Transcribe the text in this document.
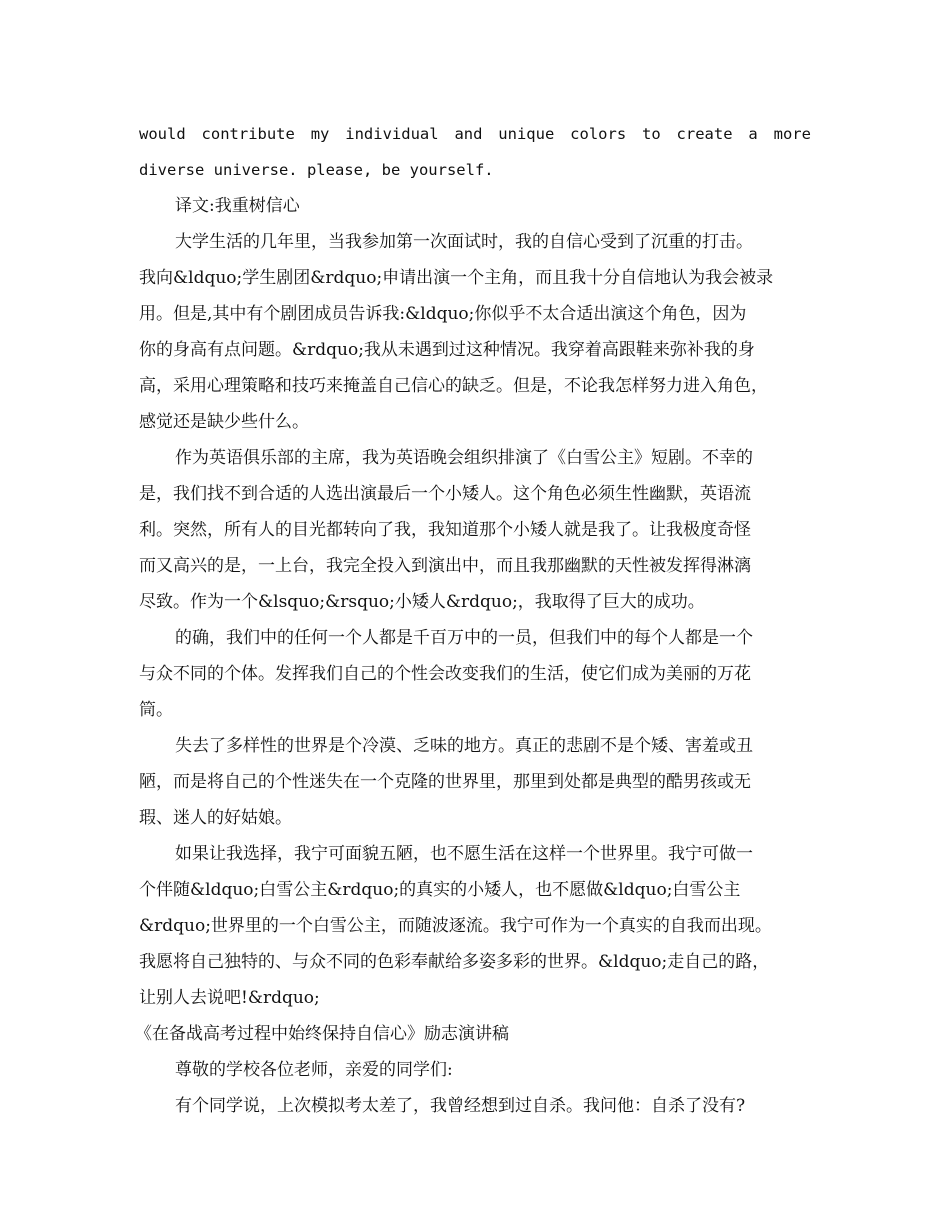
would contribute my individual and unique colors to create a more
diverse universe. please, be yourself.
译文:我重树信心
大学生活的几年里，当我参加第一次面试时，我的自信心受到了沉重的打击。
我向&ldquo;学生剧团&rdquo;申请出演一个主角，而且我十分自信地认为我会被录
用。但是,其中有个剧团成员告诉我:&ldquo;你似乎不太合适出演这个角色，因为
你的身高有点问题。&rdquo;我从未遇到过这种情况。我穿着高跟鞋来弥补我的身
高，采用心理策略和技巧来掩盖自己信心的缺乏。但是，不论我怎样努力进入角色，
感觉还是缺少些什么。
作为英语俱乐部的主席，我为英语晚会组织排演了《白雪公主》短剧。不幸的
是，我们找不到合适的人选出演最后一个小矮人。这个角色必须生性幽默，英语流
利。突然，所有人的目光都转向了我，我知道那个小矮人就是我了。让我极度奇怪
而又高兴的是，一上台，我完全投入到演出中，而且我那幽默的天性被发挥得淋漓
尽致。作为一个&lsquo;&rsquo;小矮人&rdquo;，我取得了巨大的成功。
的确，我们中的任何一个人都是千百万中的一员，但我们中的每个人都是一个
与众不同的个体。发挥我们自己的个性会改变我们的生活，使它们成为美丽的万花
筒。
失去了多样性的世界是个冷漠、乏味的地方。真正的悲剧不是个矮、害羞或丑
陋，而是将自己的个性迷失在一个克隆的世界里，那里到处都是典型的酷男孩或无
瑕、迷人的好姑娘。
如果让我选择，我宁可面貌五陋，也不愿生活在这样一个世界里。我宁可做一
个伴随&ldquo;白雪公主&rdquo;的真实的小矮人，也不愿做&ldquo;白雪公主
&rdquo;世界里的一个白雪公主，而随波逐流。我宁可作为一个真实的自我而出现。
我愿将自己独特的、与众不同的色彩奉献给多姿多彩的世界。&ldquo;走自己的路，
让别人去说吧!&rdquo;
《在备战高考过程中始终保持自信心》励志演讲稿
尊敬的学校各位老师，亲爱的同学们:
有个同学说，上次模拟考太差了，我曾经想到过自杀。我问他：自杀了没有?
